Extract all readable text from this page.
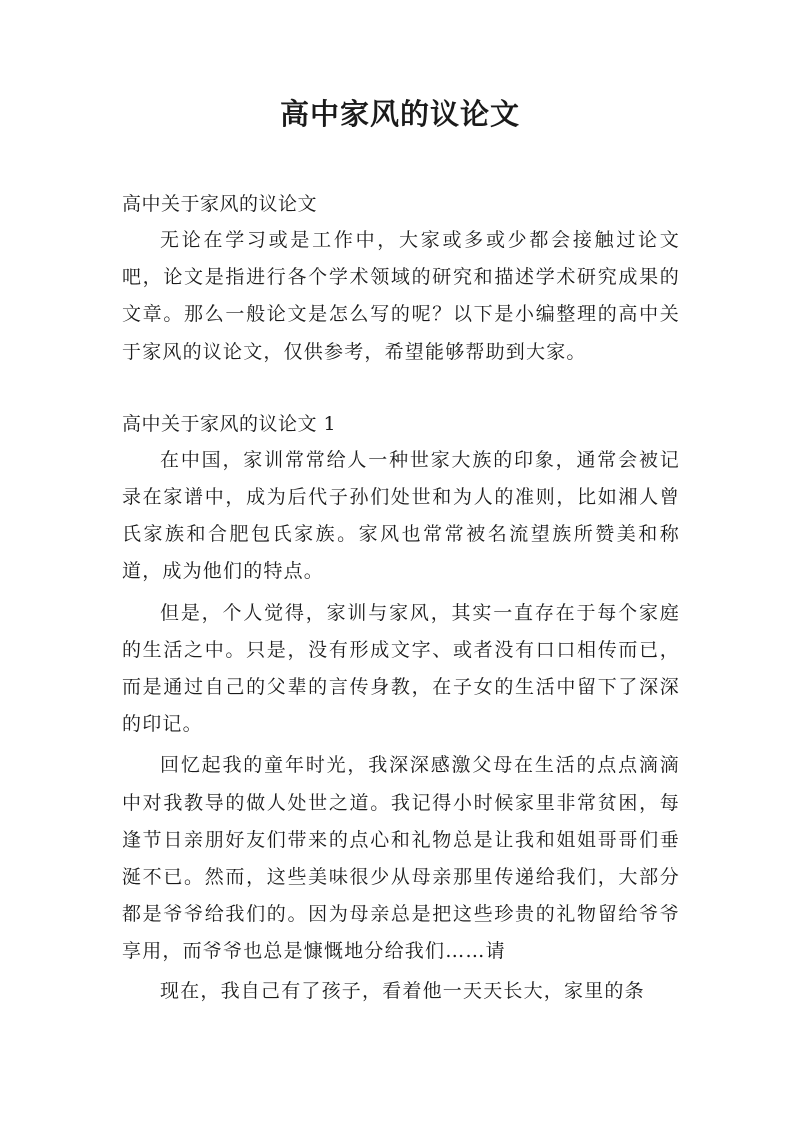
高中家风的议论文

高中关于家风的议论文

无论在学习或是工作中，大家或多或少都会接触过论文吧，论文是指进行各个学术领域的研究和描述学术研究成果的文章。那么一般论文是怎么写的呢？以下是小编整理的高中关于家风的议论文，仅供参考，希望能够帮助到大家。

高中关于家风的议论文 1

在中国，家训常常给人一种世家大族的印象，通常会被记录在家谱中，成为后代子孙们处世和为人的准则，比如湘人曾氏家族和合肥包氏家族。家风也常常被名流望族所赞美和称道，成为他们的特点。

但是，个人觉得，家训与家风，其实一直存在于每个家庭的生活之中。只是，没有形成文字、或者没有口口相传而已，而是通过自己的父辈的言传身教，在子女的生活中留下了深深的印记。

回忆起我的童年时光，我深深感激父母在生活的点点滴滴中对我教导的做人处世之道。我记得小时候家里非常贫困，每逢节日亲朋好友们带来的点心和礼物总是让我和姐姐哥哥们垂涎不已。然而，这些美味很少从母亲那里传递给我们，大部分都是爷爷给我们的。因为母亲总是把这些珍贵的礼物留给爷爷享用，而爷爷也总是慷慨地分给我们……请

现在，我自己有了孩子，看着他一天天长大，家里的条
